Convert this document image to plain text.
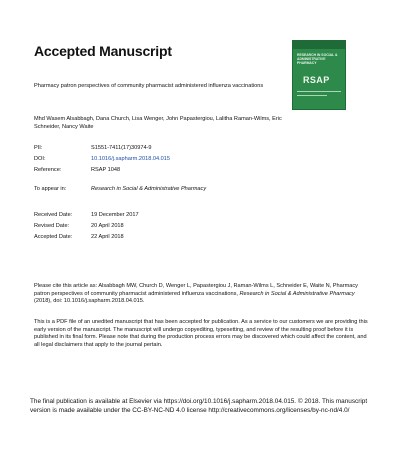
Accepted Manuscript	RESEARCH IN SOCIAL & ADMINISTRATIVE PHARMACY
RSAP
Pharmacy patron perspectives of community pharmacist administered influenza vaccinations
Mhd Wasem Alsabbagh, Dana Church, Lisa Wenger, John Papastergiou, Lalitha Raman-Wilms, Eric Schneider, Nancy Waite
PII:	S1551-7411(17)30974-9
DOI:	10.1016/j.sapharm.2018.04.015
Reference:	RSAP 1048
To appear in:	Research in Social & Administrative Pharmacy
Received Date:	19 December 2017
Revised Date:	20 April 2018
Accepted Date:	22 April 2018
Please cite this article as: Alsabbagh MW, Church D, Wenger L, Papastergiou J, Raman-Wilms L, Schneider E, Waite N, Pharmacy patron perspectives of community pharmacist administered influenza vaccinations, Research in Social & Administrative Pharmacy (2018), doi: 10.1016/j.sapharm.2018.04.015.
This is a PDF file of an unedited manuscript that has been accepted for publication. As a service to our customers we are providing this early version of the manuscript. The manuscript will undergo copyediting, typesetting, and review of the resulting proof before it is published in its final form. Please note that during the production process errors may be discovered which could affect the content, and all legal disclaimers that apply to the journal pertain.
The final publication is available at Elsevier via https://doi.org/10.1016/j.sapharm.2018.04.015. © 2018. This manuscript version is made available under the CC-BY-NC-ND 4.0 license http://creativecommons.org/licenses/by-nc-nd/4.0/
